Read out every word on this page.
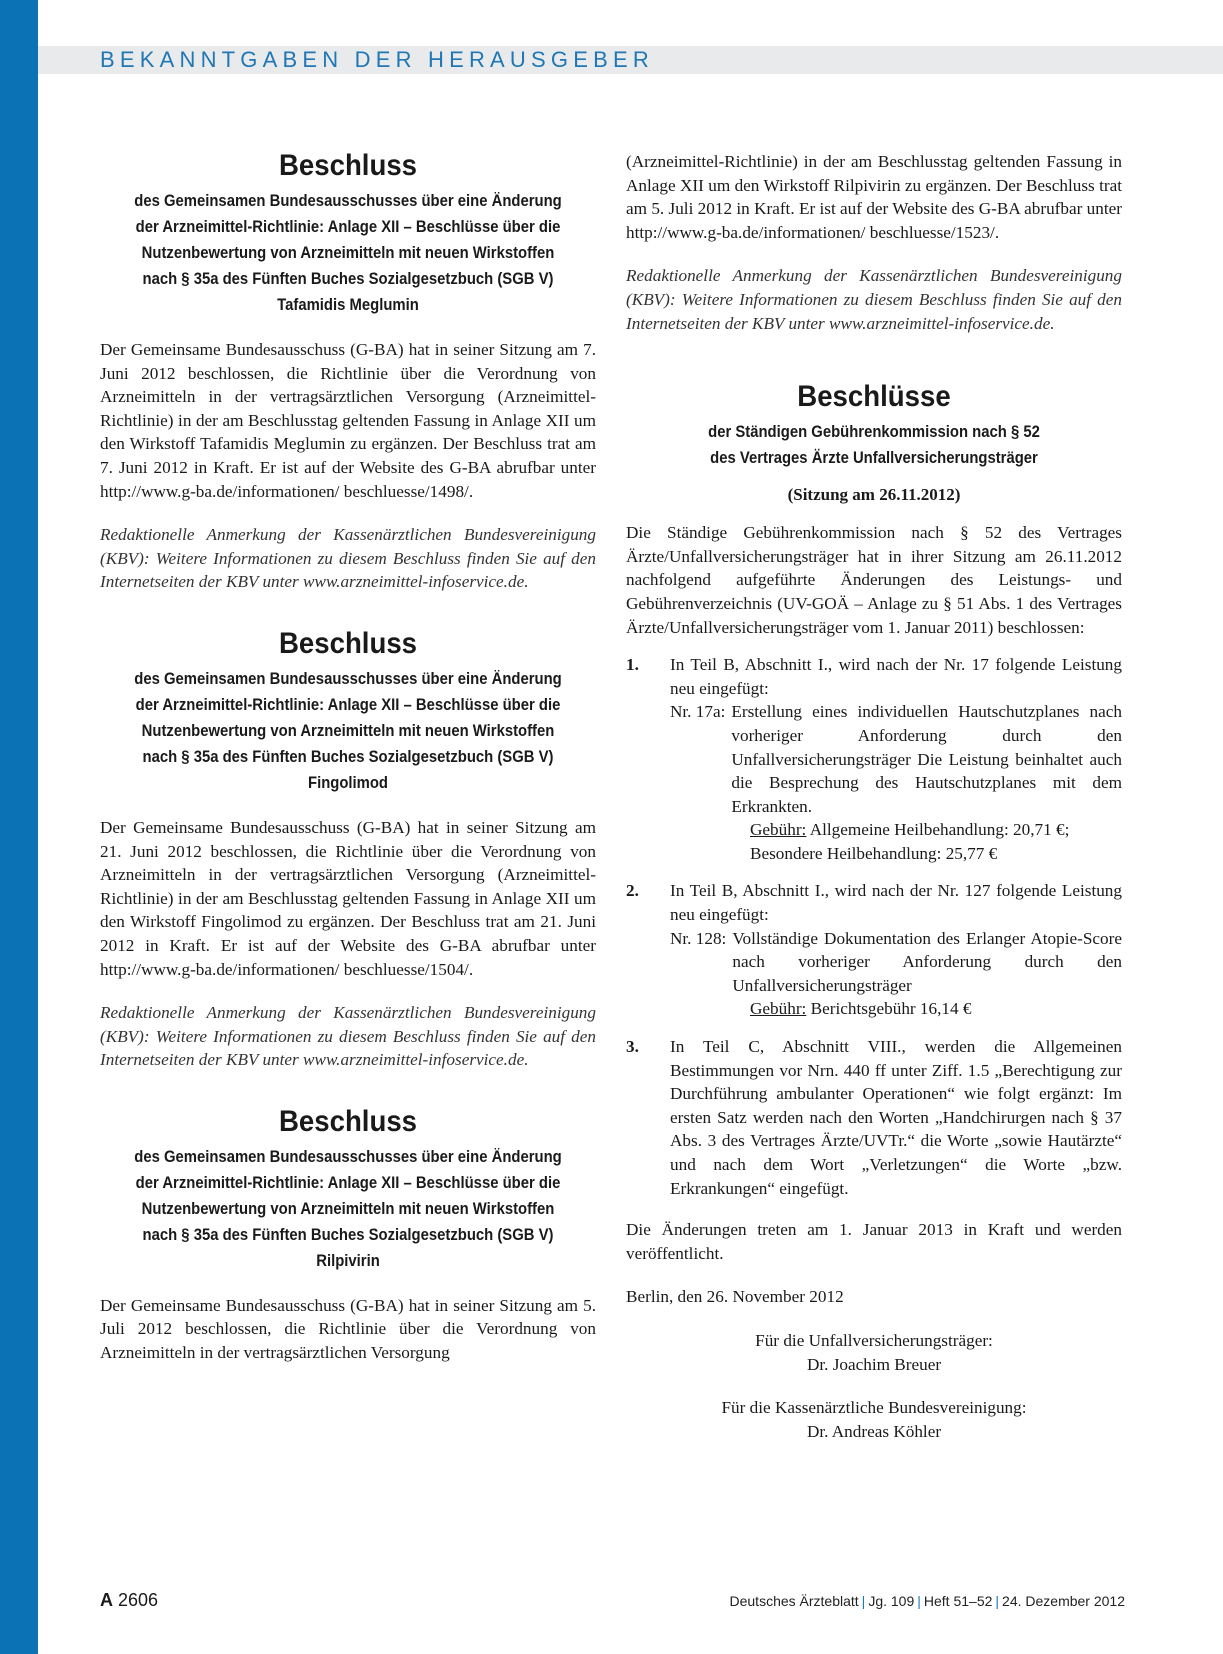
BEKANNTGABEN DER HERAUSGEBER
Beschluss
des Gemeinsamen Bundesausschusses über eine Änderung
der Arzneimittel-Richtlinie: Anlage XII – Beschlüsse über die
Nutzenbewertung von Arzneimitteln mit neuen Wirkstoffen
nach § 35a des Fünften Buches Sozialgesetzbuch (SGB V)
Tafamidis Meglumin

Der Gemeinsame Bundesausschuss (G-BA) hat in seiner Sitzung am 7. Juni 2012 beschlossen, die Richtlinie über die Verordnung von Arzneimitteln in der vertragsärztlichen Versorgung (Arzneimittel-Richtlinie) in der am Beschlusstag geltenden Fassung in Anlage XII um den Wirkstoff Tafamidis Meglumin zu ergänzen. Der Beschluss trat am 7. Juni 2012 in Kraft. Er ist auf der Website des G-BA abrufbar unter http://www.g-ba.de/informationen/ beschluesse/1498/.

Redaktionelle Anmerkung der Kassenärztlichen Bundesvereinigung (KBV): Weitere Informationen zu diesem Beschluss finden Sie auf den Internetseiten der KBV unter www.arzneimittel-infoservice.de.

Beschluss
des Gemeinsamen Bundesausschusses über eine Änderung
der Arzneimittel-Richtlinie: Anlage XII – Beschlüsse über die
Nutzenbewertung von Arzneimitteln mit neuen Wirkstoffen
nach § 35a des Fünften Buches Sozialgesetzbuch (SGB V)
Fingolimod

Der Gemeinsame Bundesausschuss (G-BA) hat in seiner Sitzung am 21. Juni 2012 beschlossen, die Richtlinie über die Verordnung von Arzneimitteln in der vertragsärztlichen Versorgung (Arzneimittel-Richtlinie) in der am Beschlusstag geltenden Fassung in Anlage XII um den Wirkstoff Fingolimod zu ergänzen. Der Beschluss trat am 21. Juni 2012 in Kraft. Er ist auf der Website des G-BA abrufbar unter http://www.g-ba.de/informationen/ beschluesse/1504/.

Redaktionelle Anmerkung der Kassenärztlichen Bundesvereinigung (KBV): Weitere Informationen zu diesem Beschluss finden Sie auf den Internetseiten der KBV unter www.arzneimittel-infoservice.de.

Beschluss
des Gemeinsamen Bundesausschusses über eine Änderung
der Arzneimittel-Richtlinie: Anlage XII – Beschlüsse über die
Nutzenbewertung von Arzneimitteln mit neuen Wirkstoffen
nach § 35a des Fünften Buches Sozialgesetzbuch (SGB V)
Rilpivirin

Der Gemeinsame Bundesausschuss (G-BA) hat in seiner Sitzung am 5. Juli 2012 beschlossen, die Richtlinie über die Verordnung von Arzneimitteln in der vertragsärztlichen Versorgung

(Arzneimittel-Richtlinie) in der am Beschlusstag geltenden Fassung in Anlage XII um den Wirkstoff Rilpivirin zu ergänzen. Der Beschluss trat am 5. Juli 2012 in Kraft. Er ist auf der Website des G-BA abrufbar unter http://www.g-ba.de/informationen/ beschluesse/1523/.

Redaktionelle Anmerkung der Kassenärztlichen Bundesvereinigung (KBV): Weitere Informationen zu diesem Beschluss finden Sie auf den Internetseiten der KBV unter www.arzneimittel-infoservice.de.

Beschlüsse
der Ständigen Gebührenkommission nach § 52
des Vertrages Ärzte Unfallversicherungsträger
(Sitzung am 26.11.2012)

Die Ständige Gebührenkommission nach § 52 des Vertrages Ärzte/Unfallversicherungsträger hat in ihrer Sitzung am 26.11.2012 nachfolgend aufgeführte Änderungen des Leistungs- und Gebührenverzeichnis (UV-GOÄ – Anlage zu § 51 Abs. 1 des Vertrages Ärzte/Unfallversicherungsträger vom 1. Januar 2011) beschlossen:

1. In Teil B, Abschnitt I., wird nach der Nr. 17 folgende Leistung neu eingefügt:
Nr. 17a: Erstellung eines individuellen Hautschutzplanes nach vorheriger Anforderung durch den Unfallversicherungsträger Die Leistung beinhaltet auch die Besprechung des Hautschutzplanes mit dem Erkrankten.
Gebühr: Allgemeine Heilbehandlung: 20,71 €;
Besondere Heilbehandlung: 25,77 €
2. In Teil B, Abschnitt I., wird nach der Nr. 127 folgende Leistung neu eingefügt:
Nr. 128: Vollständige Dokumentation des Erlanger Atopie-Score nach vorheriger Anforderung durch den Unfallversicherungsträger
Gebühr: Berichtsgebühr 16,14 €
3. In Teil C, Abschnitt VIII., werden die Allgemeinen Bestimmungen vor Nrn. 440 ff unter Ziff. 1.5 „Berechtigung zur Durchführung ambulanter Operationen“ wie folgt ergänzt: Im ersten Satz werden nach den Worten „Handchirurgen nach § 37 Abs. 3 des Vertrages Ärzte/UVTr.“ die Worte „sowie Hautärzte“ und nach dem Wort „Verletzungen“ die Worte „bzw. Erkrankungen“ eingefügt.

Die Änderungen treten am 1. Januar 2013 in Kraft und werden veröffentlicht.

Berlin, den 26. November 2012

Für die Unfallversicherungsträger:
Dr. Joachim Breuer
Für die Kassenärztliche Bundesvereinigung:
Dr. Andreas Köhler
A 2606	Deutsches Ärzteblatt | Jg. 109 | Heft 51–52 | 24. Dezember 2012
